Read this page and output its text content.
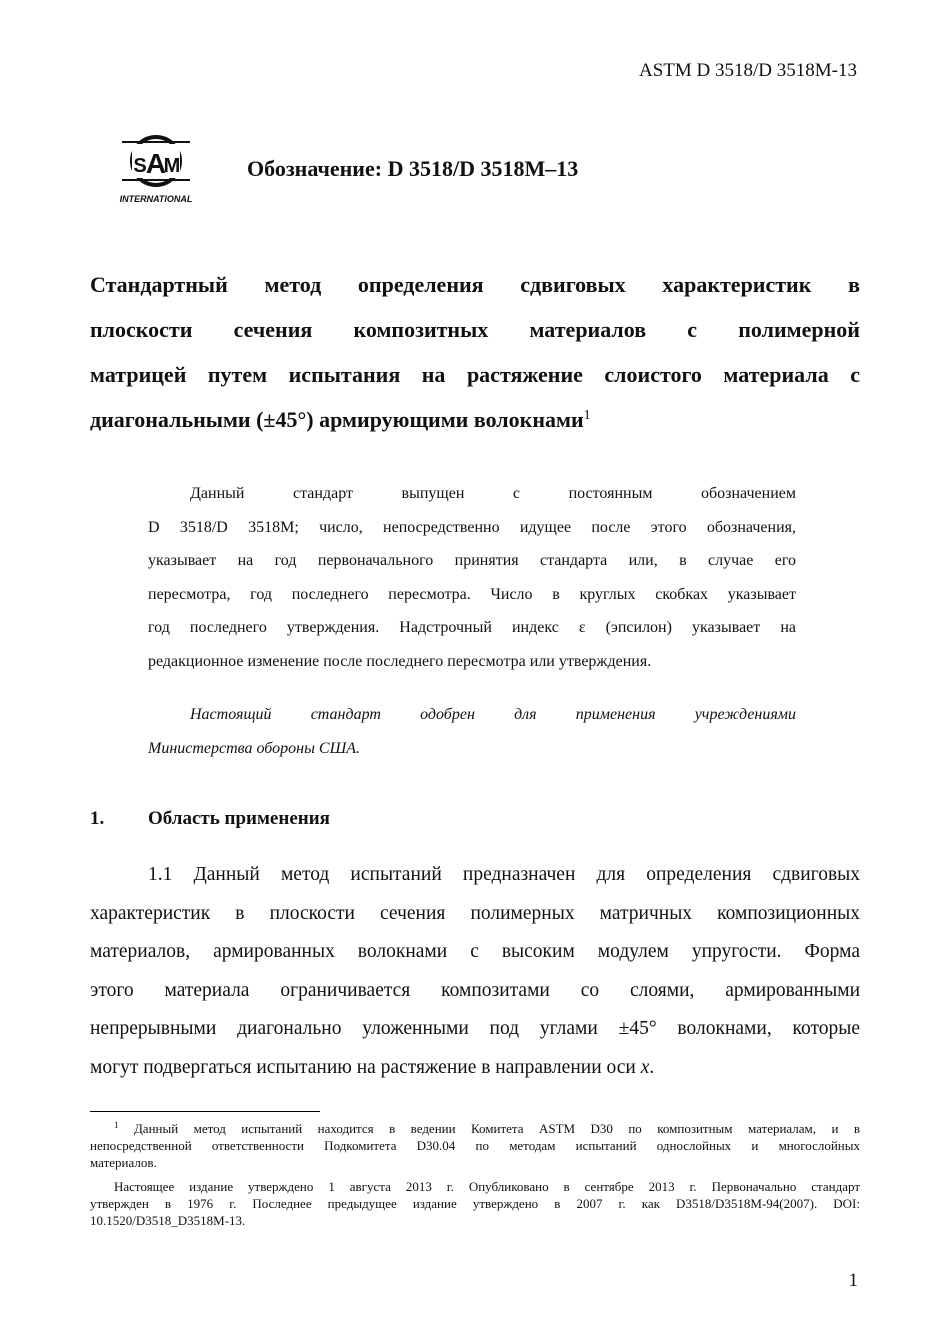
ASTM D 3518/D 3518M-13
A
S M
INTERNATIONAL
Обозначение: D 3518/D 3518M–13
Стандартный метод определения сдвиговых характеристик в
плоскости сечения композитных материалов с полимерной
матрицей путем испытания на растяжение слоистого материала с
диагональными (±45°) армирующими волокнами$^1$
Данный стандарт выпущен с постоянным обозначением
D 3518/D 3518M; число, непосредственно идущее после этого обозначения,
указывает на год первоначального принятия стандарта или, в случае его
пересмотра, год последнего пересмотра. Число в круглых скобках указывает
год последнего утверждения. Надстрочный индекс ε (эпсилон) указывает на
редакционное изменение после последнего пересмотра или утверждения.
Настоящий стандарт одобрен для применения учреждениями
Министерства обороны США.
1. Область применения
1.1 Данный метод испытаний предназначен для определения сдвиговых
характеристик в плоскости сечения полимерных матричных композиционных
материалов, армированных волокнами с высоким модулем упругости. Форма
этого материала ограничивается композитами со слоями, армированными
непрерывными диагонально уложенными под углами ±45° волокнами, которые
могут подвергаться испытанию на растяжение в направлении оси x.
$^1$ Данный метод испытаний находится в ведении Комитета ASTM D30 по композитным материалам, и в
непосредственной ответственности Подкомитета D30.04 по методам испытаний однослойных и многослойных
материалов.
Настоящее издание утверждено 1 августа 2013 г. Опубликовано в сентябре 2013 г. Первоначально стандарт
утвержден в 1976 г. Последнее предыдущее издание утверждено в 2007 г. как D3518/D3518M-94(2007). DOI:
10.1520/D3518_D3518M-13.
1
